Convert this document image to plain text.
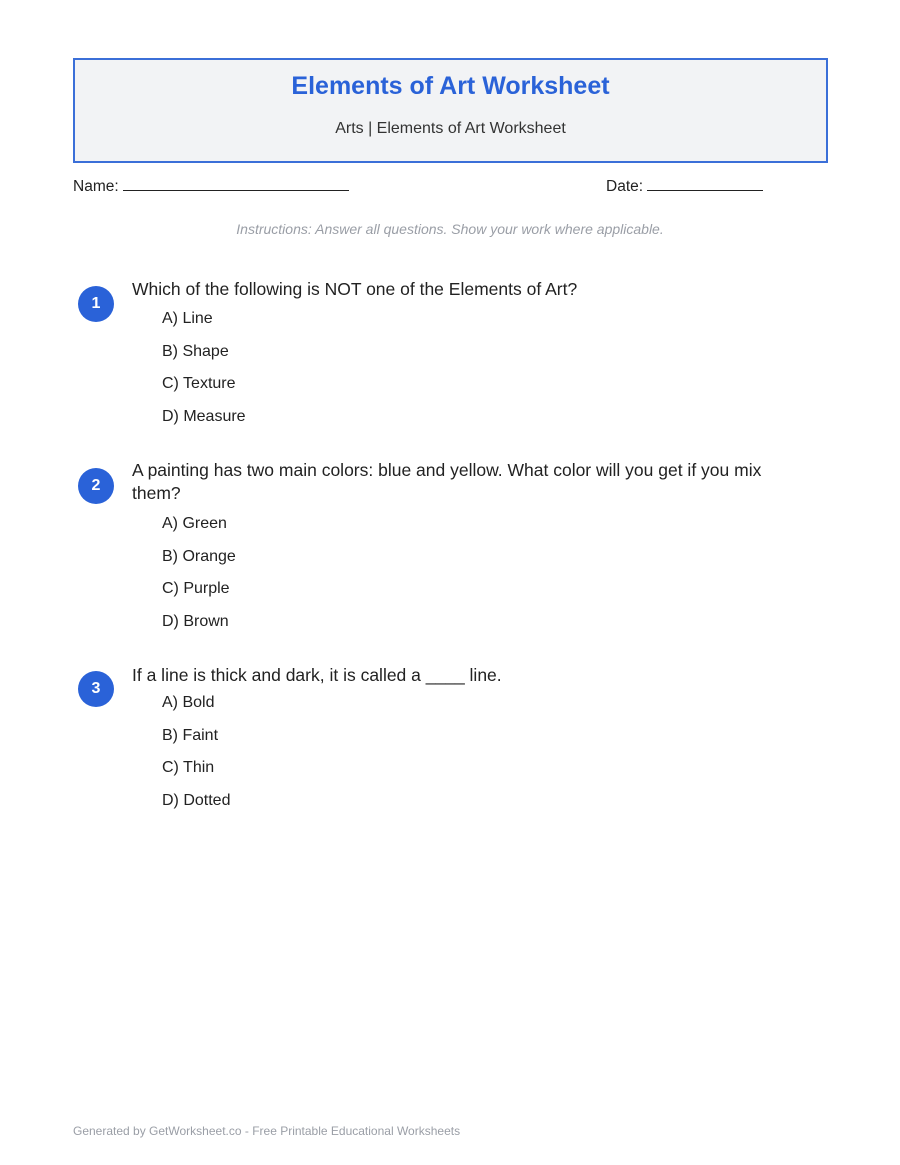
Elements of Art Worksheet
Arts | Elements of Art Worksheet
Name:	Date:
Instructions: Answer all questions. Show your work where applicable.
1
Which of the following is NOT one of the Elements of Art?
A) Line
B) Shape
C) Texture
D) Measure
2
A painting has two main colors: blue and yellow. What color will you get if you mix them?
A) Green
B) Orange
C) Purple
D) Brown
3
If a line is thick and dark, it is called a ____ line.
A) Bold
B) Faint
C) Thin
D) Dotted
Generated by GetWorksheet.co - Free Printable Educational Worksheets
